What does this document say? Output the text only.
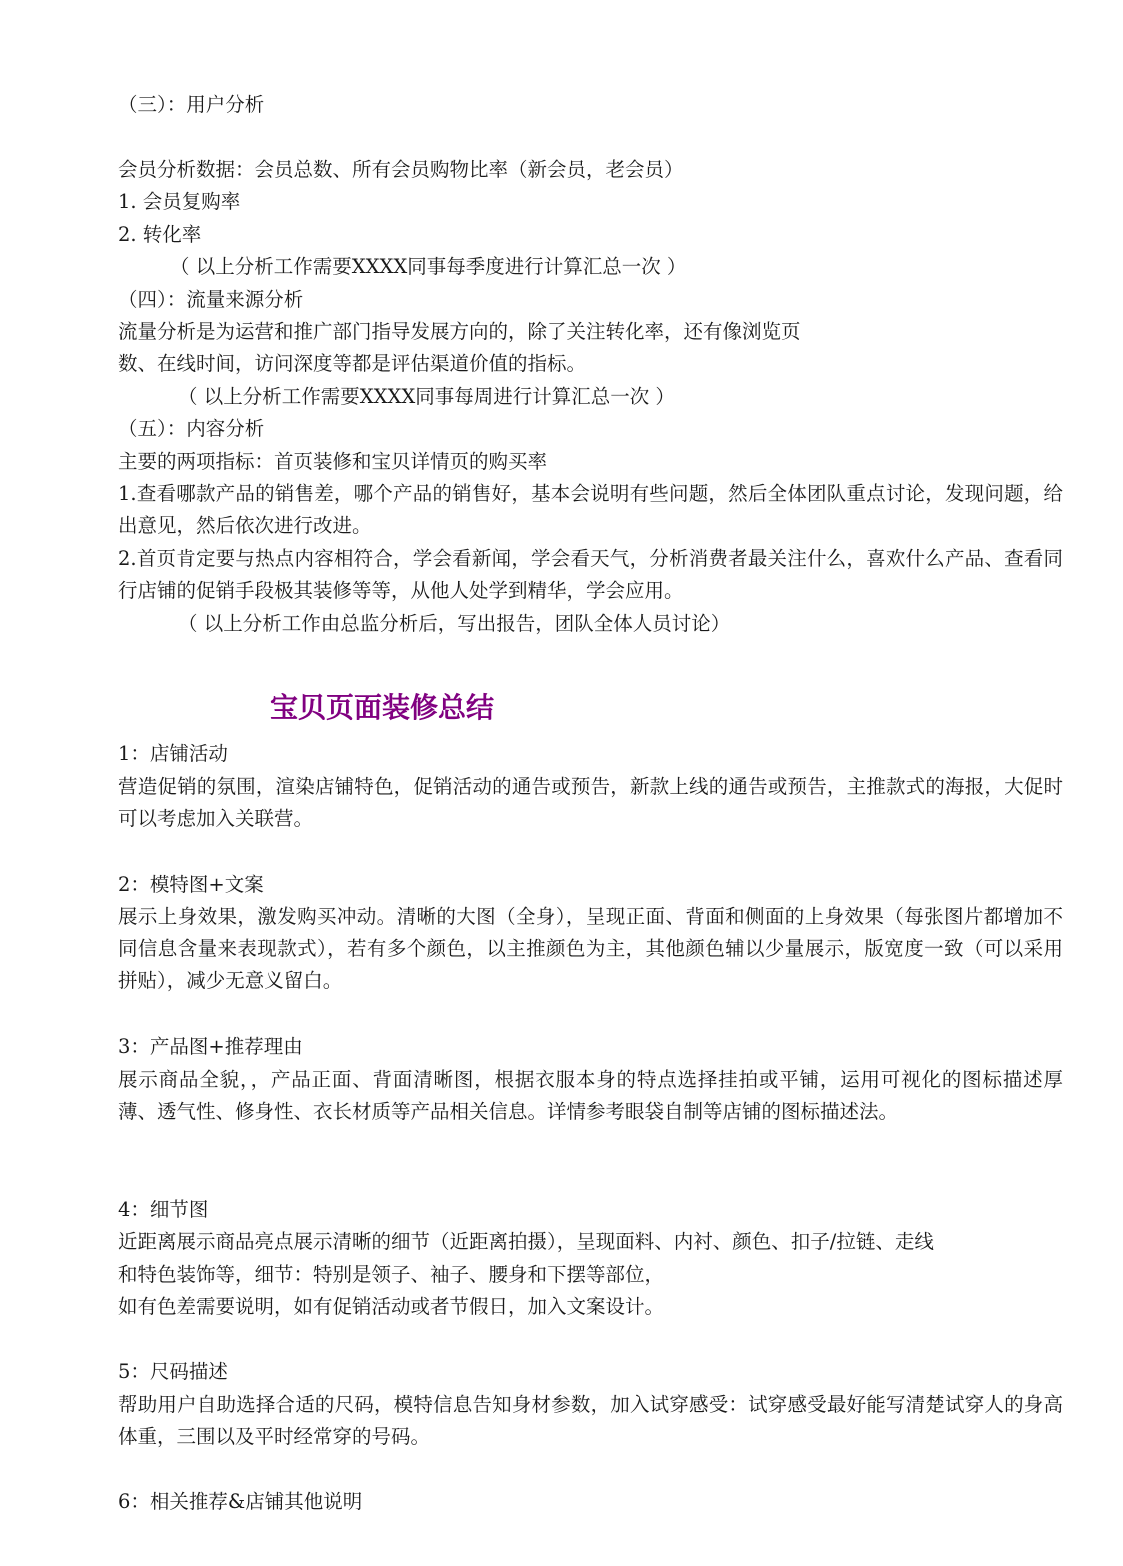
（三）：用户分析
会员分析数据：会员总数、所有会员购物比率（新会员，老会员）
1. 会员复购率
2. 转化率
（ 以上分析工作需要XXXX同事每季度进行计算汇总一次 ）
（四）：流量来源分析
流量分析是为运营和推广部门指导发展方向的，除了关注转化率，还有像浏览页
数、在线时间，访问深度等都是评估渠道价值的指标。
（ 以上分析工作需要XXXX同事每周进行计算汇总一次 ）
（五）：内容分析
主要的两项指标：首页装修和宝贝详情页的购买率
1.查看哪款产品的销售差，哪个产品的销售好，基本会说明有些问题，然后全体团队重点讨论，发现问题，给出意见，然后依次进行改进。
2.首页肯定要与热点内容相符合，学会看新闻，学会看天气，分析消费者最关注什么，喜欢什么产品、查看同行店铺的促销手段极其装修等等，从他人处学到精华，学会应用。
（ 以上分析工作由总监分析后，写出报告，团队全体人员讨论）
宝贝页面装修总结
1：店铺活动
营造促销的氛围，渲染店铺特色，促销活动的通告或预告，新款上线的通告或预告，主推款式的海报，大促时可以考虑加入关联营。
2：模特图+文案
展示上身效果，激发购买冲动。清晰的大图（全身），呈现正面、背面和侧面的上身效果（每张图片都增加不同信息含量来表现款式），若有多个颜色，以主推颜色为主，其他颜色辅以少量展示，版宽度一致（可以采用拼贴），减少无意义留白。
3：产品图+推荐理由
展示商品全貌，，产品正面、背面清晰图，根据衣服本身的特点选择挂拍或平铺，运用可视化的图标描述厚薄、透气性、修身性、衣长材质等产品相关信息。详情参考眼袋自制等店铺的图标描述法。
4：细节图
近距离展示商品亮点展示清晰的细节（近距离拍摄），呈现面料、内衬、颜色、扣子/拉链、走线
和特色装饰等，细节：特别是领子、袖子、腰身和下摆等部位，
如有色差需要说明，如有促销活动或者节假日，加入文案设计。
5：尺码描述
帮助用户自助选择合适的尺码，模特信息告知身材参数，加入试穿感受：试穿感受最好能写清楚试穿人的身高体重，三围以及平时经常穿的号码。
6：相关推荐&店铺其他说明
